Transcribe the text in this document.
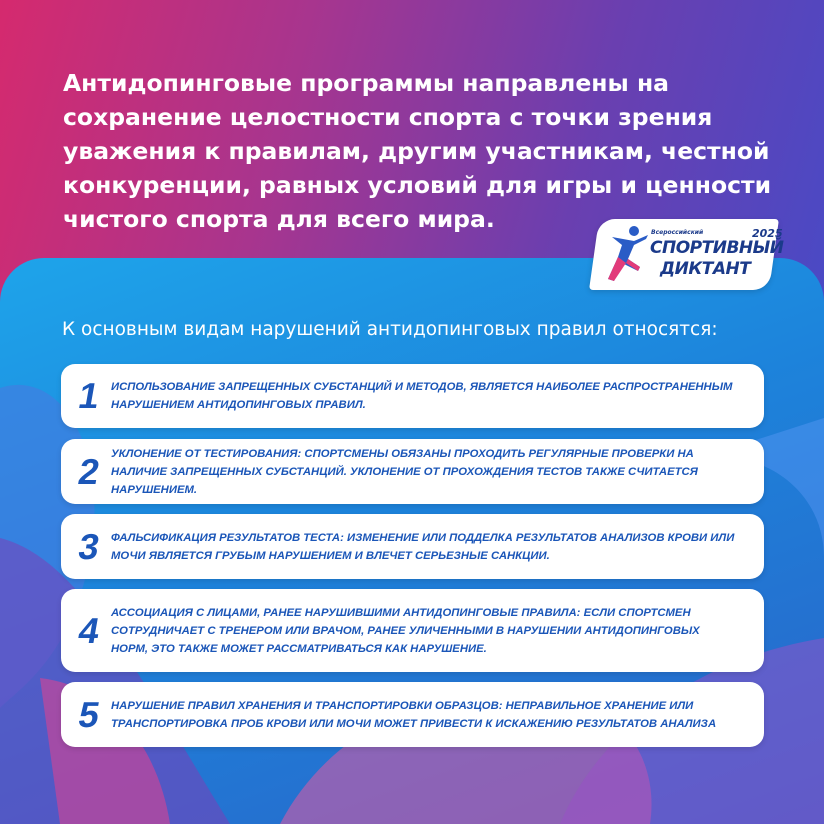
Антидопинговые программы направлены на сохранение целостности спорта с точки зрения уважения к правилам, другим участникам, честной конкуренции, равных условий для игры и ценности чистого спорта для всего мира.	Всероссийский	2025
СПОРТИВНЫЙ
ДИКТАНТ

К основным видам нарушений антидопинговых правил относятся:

1 ИСПОЛЬЗОВАНИЕ ЗАПРЕЩЕННЫХ СУБСТАНЦИЙ И МЕТОДОВ, ЯВЛЯЕТСЯ НАИБОЛЕЕ РАСПРОСТРАНЕННЫМ НАРУШЕНИЕМ АНТИДОПИНГОВЫХ ПРАВИЛ.

2 УКЛОНЕНИЕ ОТ ТЕСТИРОВАНИЯ: СПОРТСМЕНЫ ОБЯЗАНЫ ПРОХОДИТЬ РЕГУЛЯРНЫЕ ПРОВЕРКИ НА НАЛИЧИЕ ЗАПРЕЩЕННЫХ СУБСТАНЦИЙ. УКЛОНЕНИЕ ОТ ПРОХОЖДЕНИЯ ТЕСТОВ ТАКЖЕ СЧИТАЕТСЯ НАРУШЕНИЕМ.

3 ФАЛЬСИФИКАЦИЯ РЕЗУЛЬТАТОВ ТЕСТА: ИЗМЕНЕНИЕ ИЛИ ПОДДЕЛКА РЕЗУЛЬТАТОВ АНАЛИЗОВ КРОВИ ИЛИ МОЧИ ЯВЛЯЕТСЯ ГРУБЫМ НАРУШЕНИЕМ И ВЛЕЧЕТ СЕРЬЕЗНЫЕ САНКЦИИ.

4 АССОЦИАЦИЯ С ЛИЦАМИ, РАНЕЕ НАРУШИВШИМИ АНТИДОПИНГОВЫЕ ПРАВИЛА: ЕСЛИ СПОРТСМЕН СОТРУДНИЧАЕТ С ТРЕНЕРОМ ИЛИ ВРАЧОМ, РАНЕЕ УЛИЧЕННЫМИ В НАРУШЕНИИ АНТИДОПИНГОВЫХ НОРМ, ЭТО ТАКЖЕ МОЖЕТ РАССМАТРИВАТЬСЯ КАК НАРУШЕНИЕ.

5 НАРУШЕНИЕ ПРАВИЛ ХРАНЕНИЯ И ТРАНСПОРТИРОВКИ ОБРАЗЦОВ: НЕПРАВИЛЬНОЕ ХРАНЕНИЕ ИЛИ ТРАНСПОРТИРОВКА ПРОБ КРОВИ ИЛИ МОЧИ МОЖЕТ ПРИВЕСТИ К ИСКАЖЕНИЮ РЕЗУЛЬТАТОВ АНАЛИЗА
